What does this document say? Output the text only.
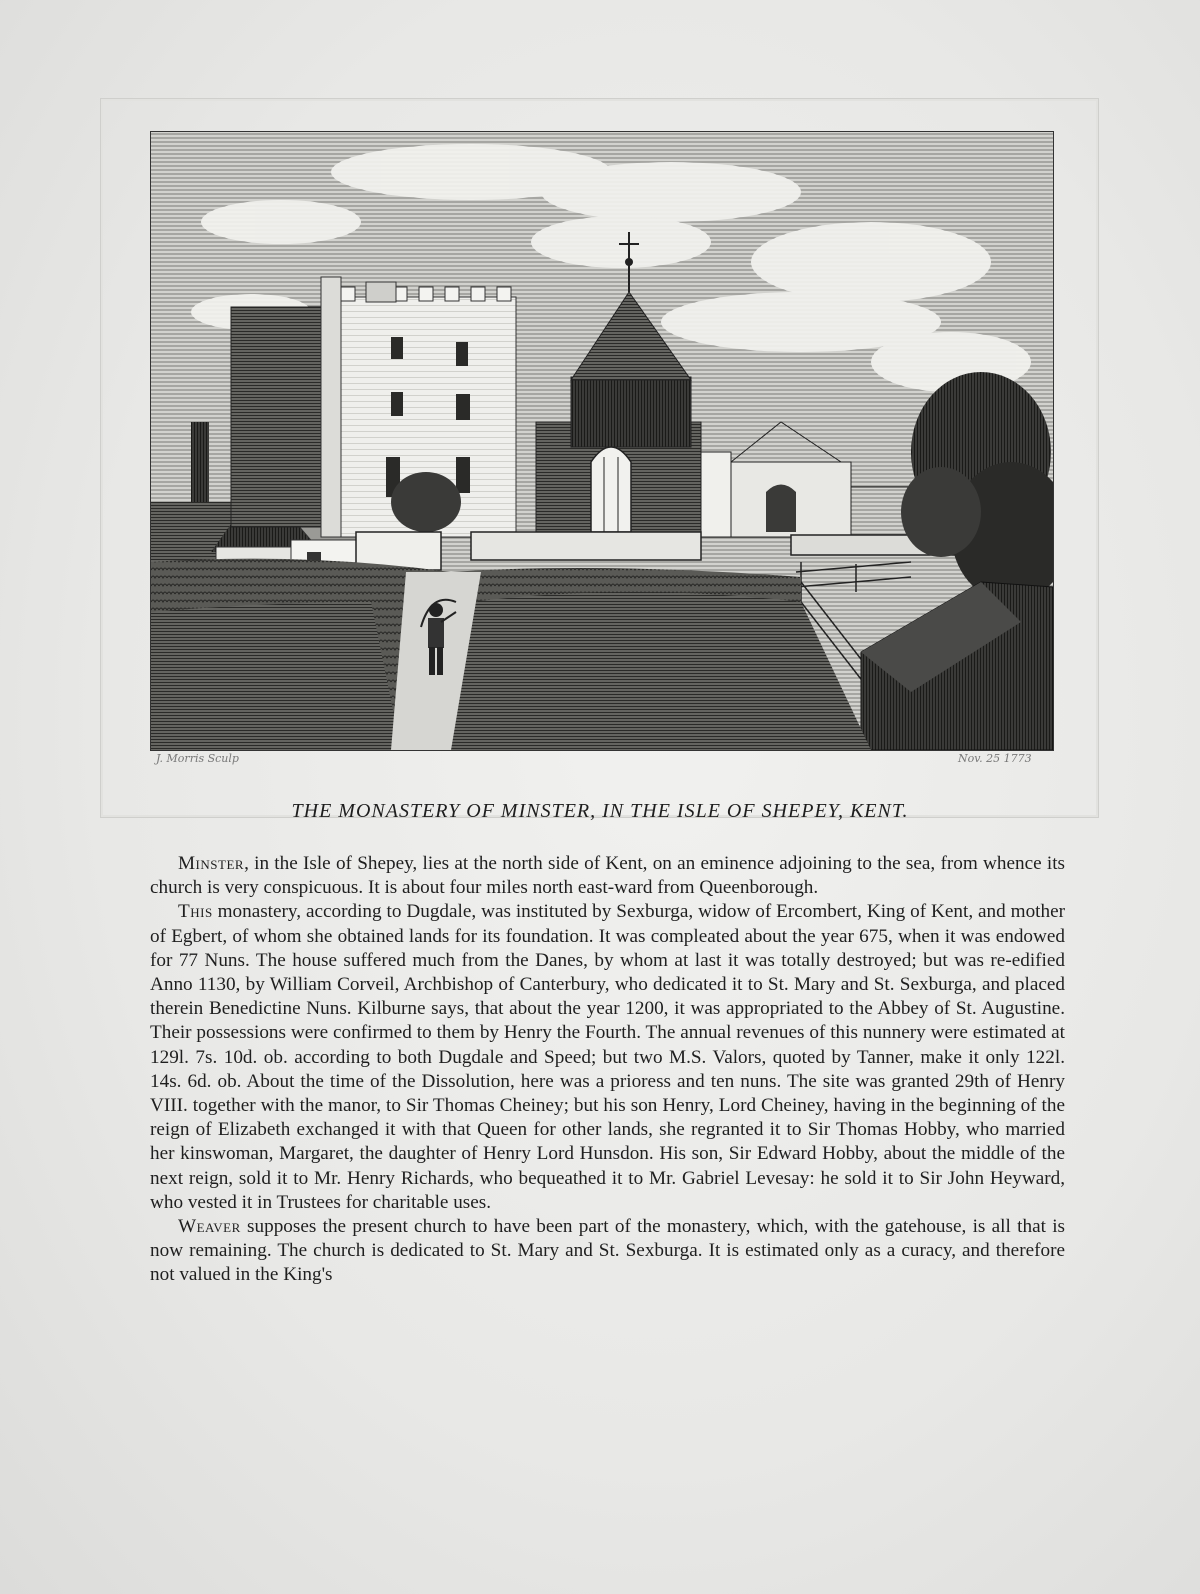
J. Morris Sculp	Nov. 25 1773
THE MONASTERY OF MINSTER, IN THE ISLE OF SHEPEY, KENT.

Minster, in the Isle of Shepey, lies at the north side of Kent, on an eminence adjoining to the sea, from whence its church is very conspicuous. It is about four miles north east-ward from Queenborough.

This monastery, according to Dugdale, was instituted by Sexburga, widow of Ercombert, King of Kent, and mother of Egbert, of whom she obtained lands for its foundation. It was compleated about the year 675, when it was endowed for 77 Nuns. The house suffered much from the Danes, by whom at last it was totally destroyed; but was re-edified Anno 1130, by William Corveil, Archbishop of Canterbury, who dedicated it to St. Mary and St. Sexburga, and placed therein Benedictine Nuns. Kilburne says, that about the year 1200, it was appropriated to the Abbey of St. Augustine. Their possessions were confirmed to them by Henry the Fourth. The annual revenues of this nunnery were estimated at 129l. 7s. 10d. ob. according to both Dugdale and Speed; but two M.S. Valors, quoted by Tanner, make it only 122l. 14s. 6d. ob. About the time of the Dissolution, here was a prioress and ten nuns. The site was granted 29th of Henry VIII. together with the manor, to Sir Thomas Cheiney; but his son Henry, Lord Cheiney, having in the beginning of the reign of Elizabeth exchanged it with that Queen for other lands, she regranted it to Sir Thomas Hobby, who married her kinswoman, Margaret, the daughter of Henry Lord Hunsdon. His son, Sir Edward Hobby, about the middle of the next reign, sold it to Mr. Henry Richards, who bequeathed it to Mr. Gabriel Levesay: he sold it to Sir John Heyward, who vested it in Trustees for charitable uses.

Weaver supposes the present church to have been part of the monastery, which, with the gatehouse, is all that is now remaining. The church is dedicated to St. Mary and St. Sexburga. It is estimated only as a curacy, and therefore not valued in the King's
